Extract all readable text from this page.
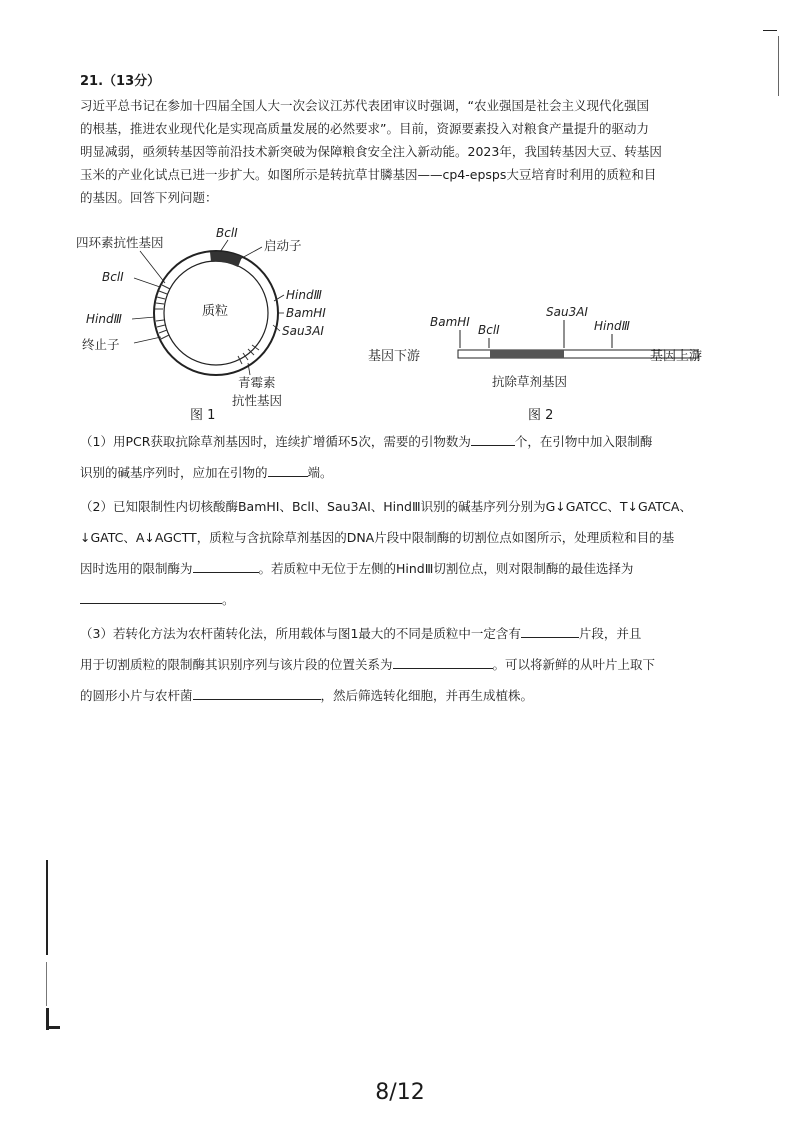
21.（13分）
习近平总书记在参加十四届全国人大一次会议江苏代表团审议时强调，“农业强国是社会主义现代化强国
的根基，推进农业现代化是实现高质量发展的必然要求”。目前，资源要素投入对粮食产量提升的驱动力
明显减弱，亟须转基因等前沿技术新突破为保障粮食安全注入新动能。2023年，我国转基因大豆、转基因
玉米的产业化试点已进一步扩大。如图所示是转抗草甘膦基因——cp4-epsps大豆培育时利用的质粒和目
的基因。回答下列问题：
质粒
四环素抗性基因
BclⅠ
启动子
BclⅠ
HindⅢ
BamHⅠ
Sau3AⅠ
HindⅢ
终止子
青霉素
抗性基因
图 1
基因下游	基因上游
BamHⅠ
BclⅠ
Sau3AⅠ
HindⅢ
抗除草剂基因
图 2
（1）用PCR获取抗除草剂基因时，连续扩增循环5次，需要的引物数为	个，在引物中加入限制酶
识别的碱基序列时，应加在引物的	端。
（2）已知限制性内切核酸酶BamHⅠ、BclⅠ、Sau3AⅠ、HindⅢ识别的碱基序列分别为G↓GATCC、T↓GATCA、
↓GATC、A↓AGCTT，质粒与含抗除草剂基因的DNA片段中限制酶的切割位点如图所示，处理质粒和目的基
因时选用的限制酶为	。若质粒中无位于左侧的HindⅢ切割位点，则对限制酶的最佳选择为
。
（3）若转化方法为农杆菌转化法，所用载体与图1最大的不同是质粒中一定含有	片段，并且
用于切割质粒的限制酶其识别序列与该片段的位置关系为	。可以将新鲜的从叶片上取下
的圆形小片与农杆菌	，然后筛选转化细胞，并再生成植株。
8/12
